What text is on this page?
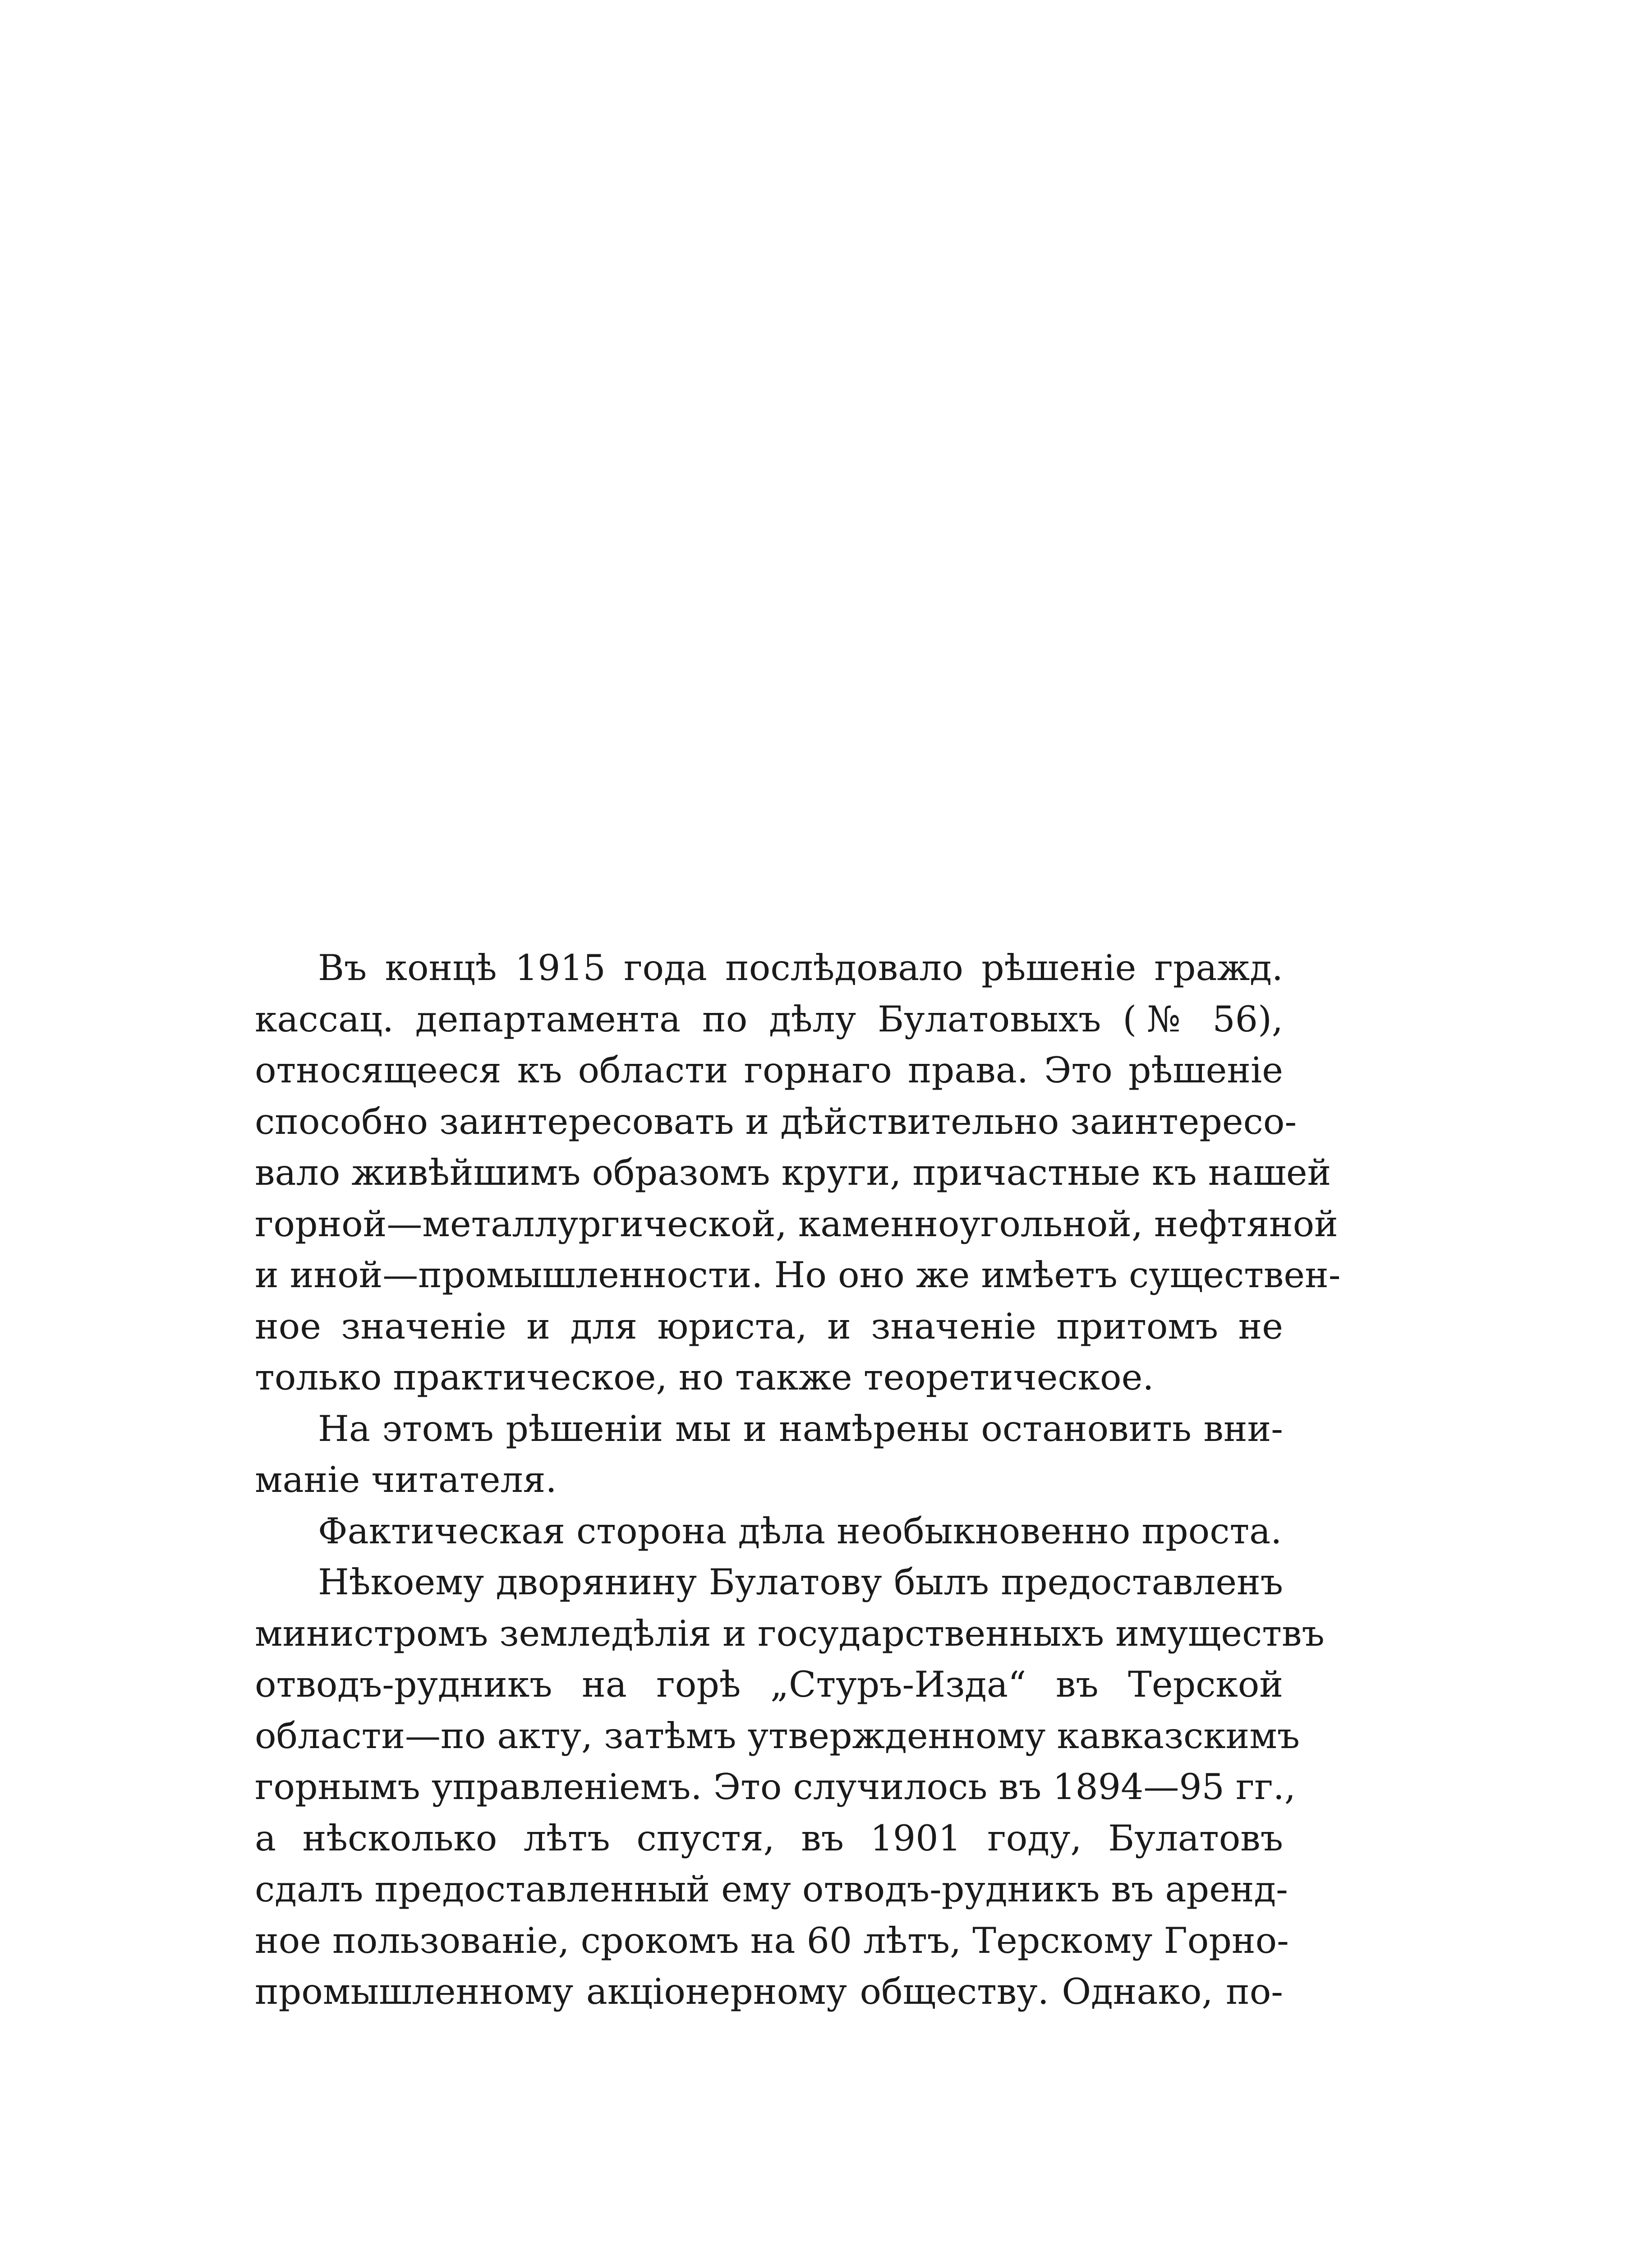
Въ концѣ 1915 года послѣдовало рѣшеніе гражд.
кассац. департамента по дѣлу Булатовыхъ (№ 56),
относящееся къ области горнаго права. Это рѣшеніе
способно заинтересовать и дѣйствительно заинтересо-
вало живѣйшимъ образомъ круги, причастные къ нашей
горной—металлургической, каменноугольной, нефтяной
и иной—промышленности. Но оно же имѣетъ существен-
ное значеніе и для юриста, и значеніе притомъ не
только практическое, но также теоретическое.
На этомъ рѣшеніи мы и намѣрены остановить вни-
маніе читателя.
Фактическая сторона дѣла необыкновенно проста.
Нѣкоему дворянину Булатову былъ предоставленъ
министромъ земледѣлія и государственныхъ имуществъ
отводъ-рудникъ на горѣ „Стуръ-Изда“ въ Терской
области—по акту, затѣмъ утвержденному кавказскимъ
горнымъ управленіемъ. Это случилось въ 1894—95 гг.,
а нѣсколько лѣтъ спустя, въ 1901 году, Булатовъ
сдалъ предоставленный ему отводъ-рудникъ въ аренд-
ное пользованіе, срокомъ на 60 лѣтъ, Терскому Горно-
промышленному акціонерному обществу. Однако, по-
